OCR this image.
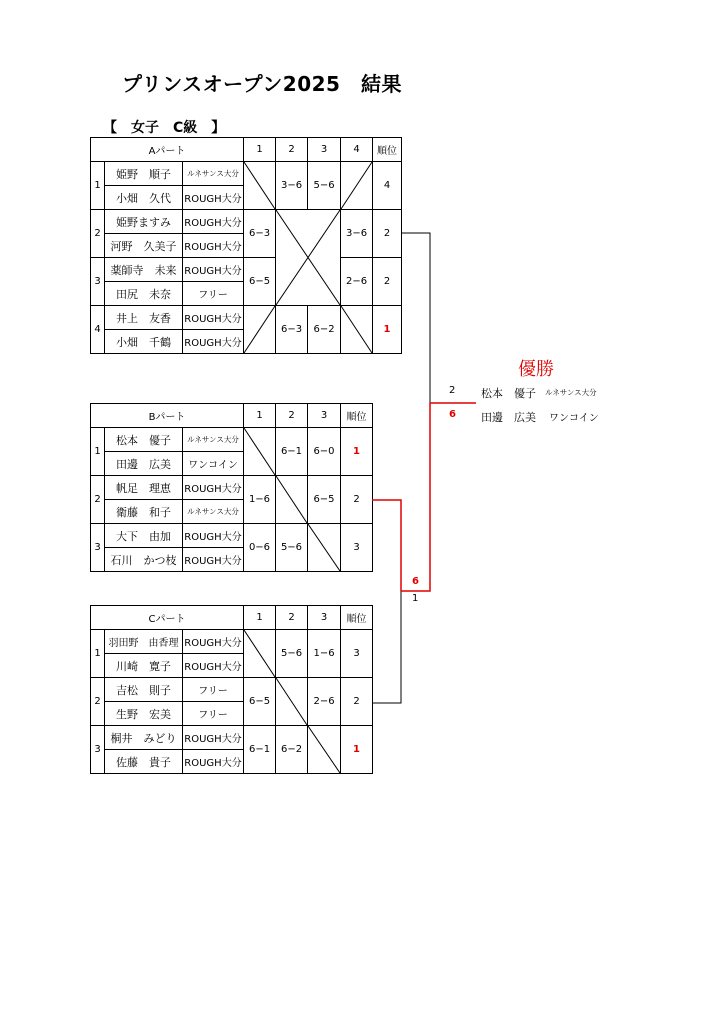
プリンスオープン2025　結果
【　女子　C級　】
Aパート			1	2	3	4	順位
1	姫野　順子	ルネサンス大分		3−6	5−6		4
	小畑　久代	ROUGH大分					
2	姫野ますみ	ROUGH大分	6−3			3−6	2
	河野　久美子	ROUGH大分					
3	薬師寺　未来	ROUGH大分	6−5			2−6	2
	田尻　未奈	フリー					
4	井上　友香	ROUGH大分		6−3	6−2		1
	小畑　千鶴	ROUGH大分					
Bパート			1	2	3	順位
1	松本　優子	ルネサンス大分		6−1	6−0	1
	田邊　広美	ワンコイン				
2	帆足　理恵	ROUGH大分	1−6		6−5	2
	衛藤　和子	ルネサンス大分				
3	大下　由加	ROUGH大分	0−6	5−6		3
	石川　かつ枝	ROUGH大分				
Cパート			1	2	3	順位
1	羽田野　由香理	ROUGH大分		5−6	1−6	3
	川崎　寛子	ROUGH大分				
2	吉松　則子	フリー	6−5		2−6	2
	生野　宏美	フリー				
3	桐井　みどり	ROUGH大分	6−1	6−2		1
	佐藤　貴子	ROUGH大分				
優勝
2
6
松本　優子 ルネサンス大分
田邊　広美 ワンコイン
6
1
